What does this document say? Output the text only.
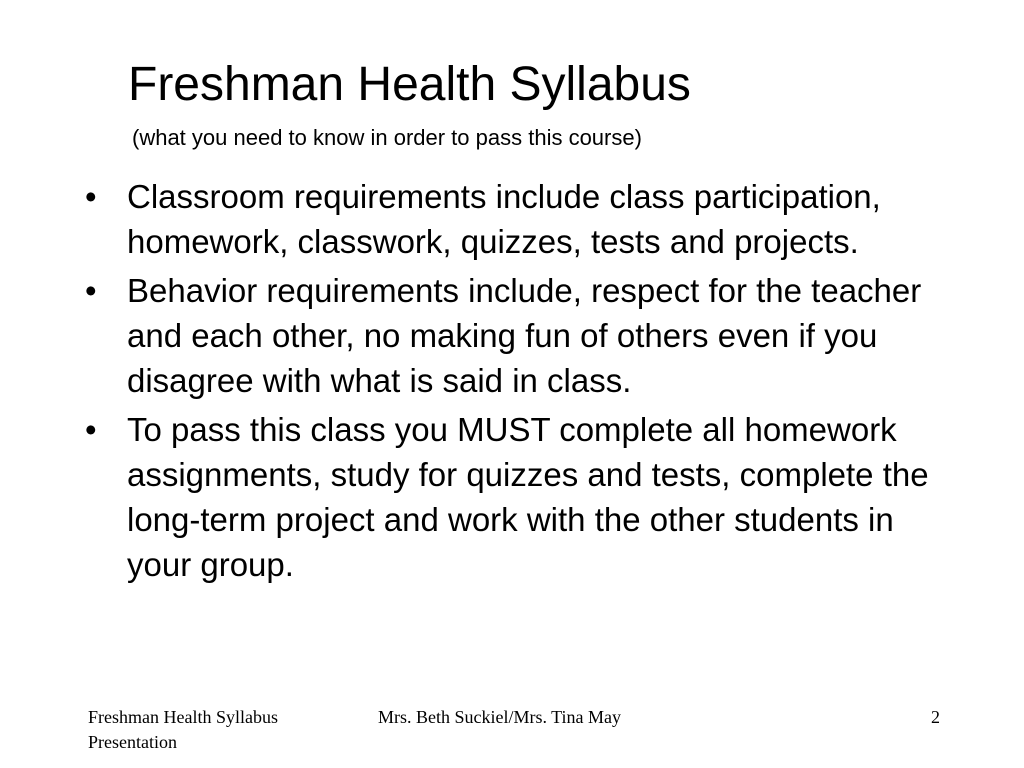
Freshman Health Syllabus
(what you need to know in order to pass this course)
• Classroom requirements include class participation, homework, classwork, quizzes, tests and projects.
• Behavior requirements include, respect for the teacher and each other, no making fun of others even if you disagree with what is said in class.
• To pass this class you MUST complete all homework assignments, study for quizzes and tests, complete the long-term project and work with the other students in your group.
Freshman Health Syllabus Presentation
Mrs. Beth Suckiel/Mrs. Tina May	2
